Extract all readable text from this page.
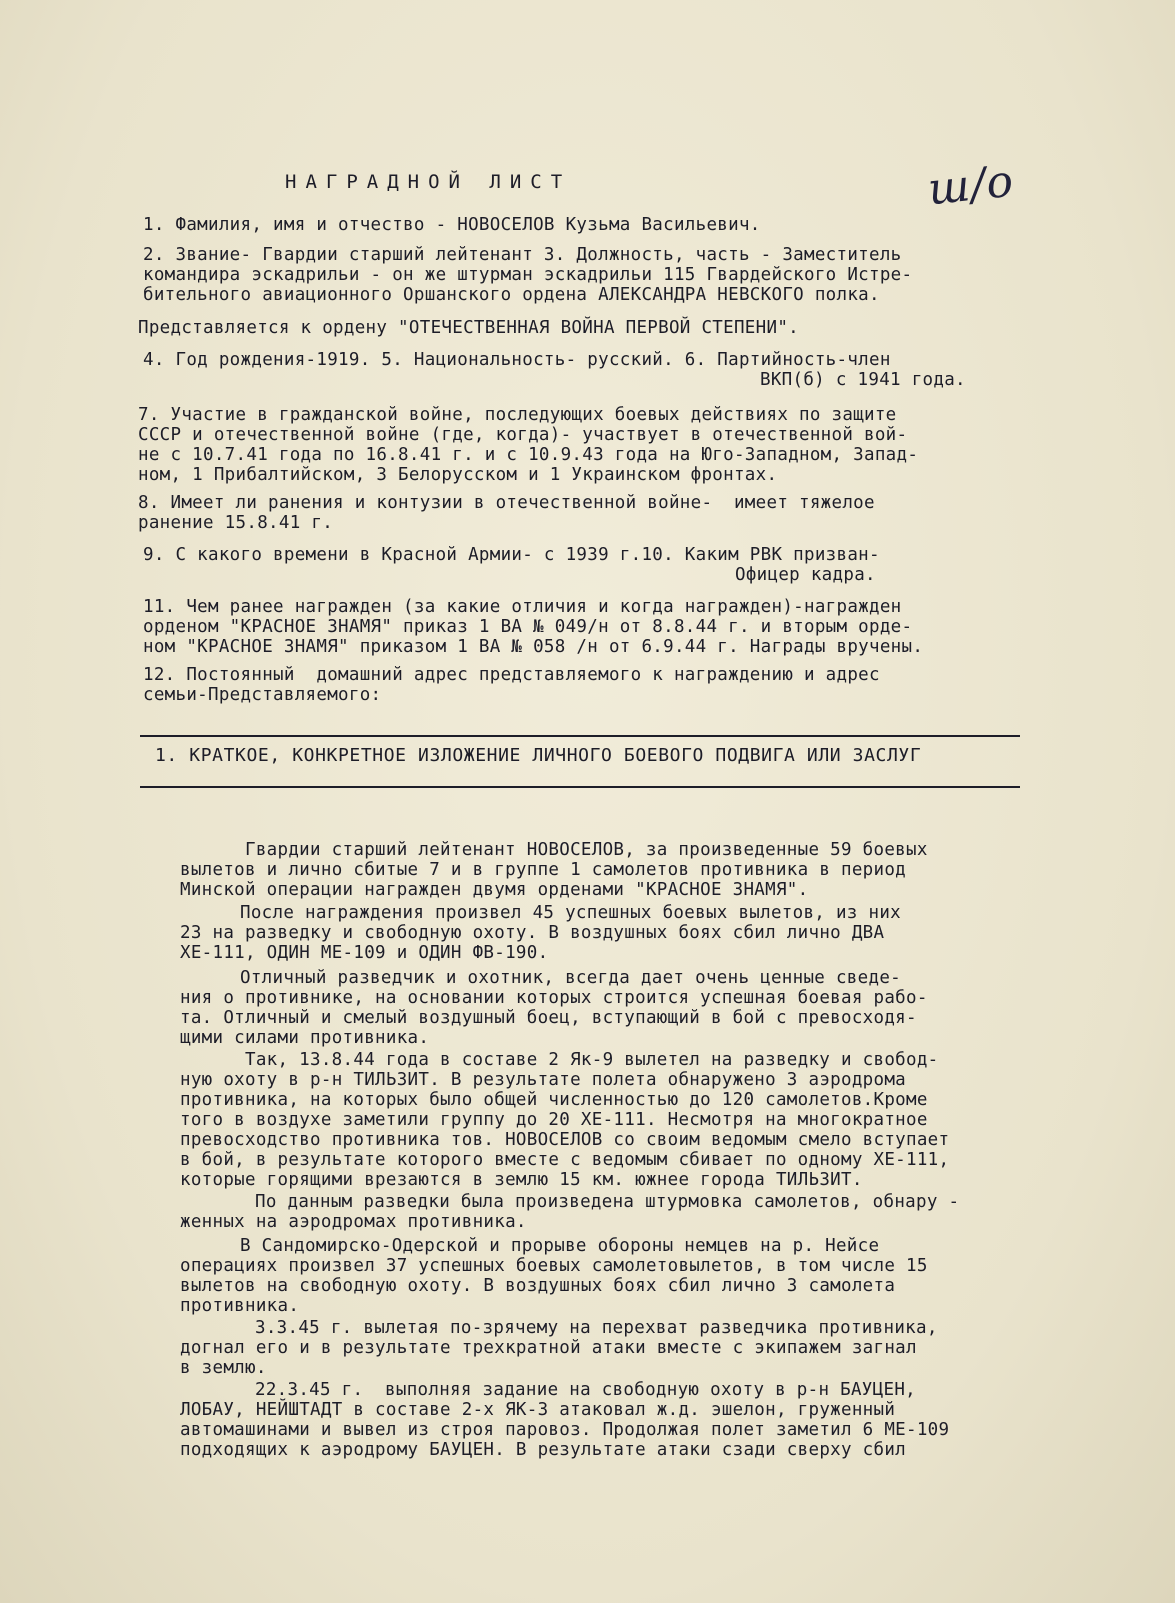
НАГРАДНОЙ ЛИСТ	ш/о
1. Фамилия, имя и отчество - НОВОСЕЛОВ Кузьма Васильевич.
2. Звание- Гвардии старший лейтенант 3. Должность, часть - Заместитель
командира эскадрильи - он же штурман эскадрильи 115 Гвардейского Истре-
бительного авиационного Оршанского ордена АЛЕКСАНДРА НЕВСКОГО полка.
Представляется к ордену "ОТЕЧЕСТВЕННАЯ ВОЙНА ПЕРВОЙ СТЕПЕНИ".
4. Год рождения-1919. 5. Национальность- русский. 6. Партийность-член
ВКП(б) с 1941 года.
7. Участие в гражданской войне, последующих боевых действиях по защите
СССР и отечественной войне (где, когда)- участвует в отечественной вой-
не с 10.7.41 года по 16.8.41 г. и с 10.9.43 года на Юго-Западном, Запад-
ном, 1 Прибалтийском, 3 Белорусском и 1 Украинском фронтах.
8. Имеет ли ранения и контузии в отечественной войне-  имеет тяжелое
ранение 15.8.41 г.
9. С какого времени в Красной Армии- с 1939 г.10. Каким РВК призван-
Офицер кадра.
11. Чем ранее награжден (за какие отличия и когда награжден)-награжден
орденом "КРАСНОЕ ЗНАМЯ" приказ 1 ВА № 049/н от 8.8.44 г. и вторым орде-
ном "КРАСНОЕ ЗНАМЯ" приказом 1 ВА № 058 /н от 6.9.44 г. Награды вручены.
12. Постоянный  домашний адрес представляемого к награждению и адрес
семьи-Представляемого:
1. КРАТКОЕ, КОНКРЕТНОЕ ИЗЛОЖЕНИЕ ЛИЧНОГО БОЕВОГО ПОДВИГА ИЛИ ЗАСЛУГ
Гвардии старший лейтенант НОВОСЕЛОВ, за произведенные 59 боевых
вылетов и лично сбитые 7 и в группе 1 самолетов противника в период
Минской операции награжден двумя орденами "КРАСНОЕ ЗНАМЯ".
После награждения произвел 45 успешных боевых вылетов, из них
23 на разведку и свободную охоту. В воздушных боях сбил лично ДВА
ХЕ-111, ОДИН МЕ-109 и ОДИН ФВ-190.
Отличный разведчик и охотник, всегда дает очень ценные сведе-
ния о противнике, на основании которых строится успешная боевая рабо-
та. Отличный и смелый воздушный боец, вступающий в бой с превосходя-
щими силами противника.
Так, 13.8.44 года в составе 2 Як-9 вылетел на разведку и свобод-
ную охоту в р-н ТИЛЬЗИТ. В результате полета обнаружено 3 аэродрома
противника, на которых было общей численностью до 120 самолетов.Кроме
того в воздухе заметили группу до 20 ХЕ-111. Несмотря на многократное
превосходство противника тов. НОВОСЕЛОВ со своим ведомым смело вступает
в бой, в результате которого вместе с ведомым сбивает по одному ХЕ-111,
которые горящими врезаются в землю 15 км. южнее города ТИЛЬЗИТ.
По данным разведки была произведена штурмовка самолетов, обнару -
женных на аэродромах противника.
В Сандомирско-Одерской и прорыве обороны немцев на р. Нейсе
операциях произвел 37 успешных боевых самолетовылетов, в том числе 15
вылетов на свободную охоту. В воздушных боях сбил лично 3 самолета
противника.
3.3.45 г. вылетая по-зрячему на перехват разведчика противника,
догнал его и в результате трехкратной атаки вместе с экипажем загнал
в землю.
22.3.45 г.  выполняя задание на свободную охоту в р-н БАУЦЕН,
ЛОБАУ, НЕЙШТАДТ в составе 2-х ЯК-3 атаковал ж.д. эшелон, груженный
автомашинами и вывел из строя паровоз. Продолжая полет заметил 6 МЕ-109
подходящих к аэродрому БАУЦЕН. В результате атаки сзади сверху сбил
